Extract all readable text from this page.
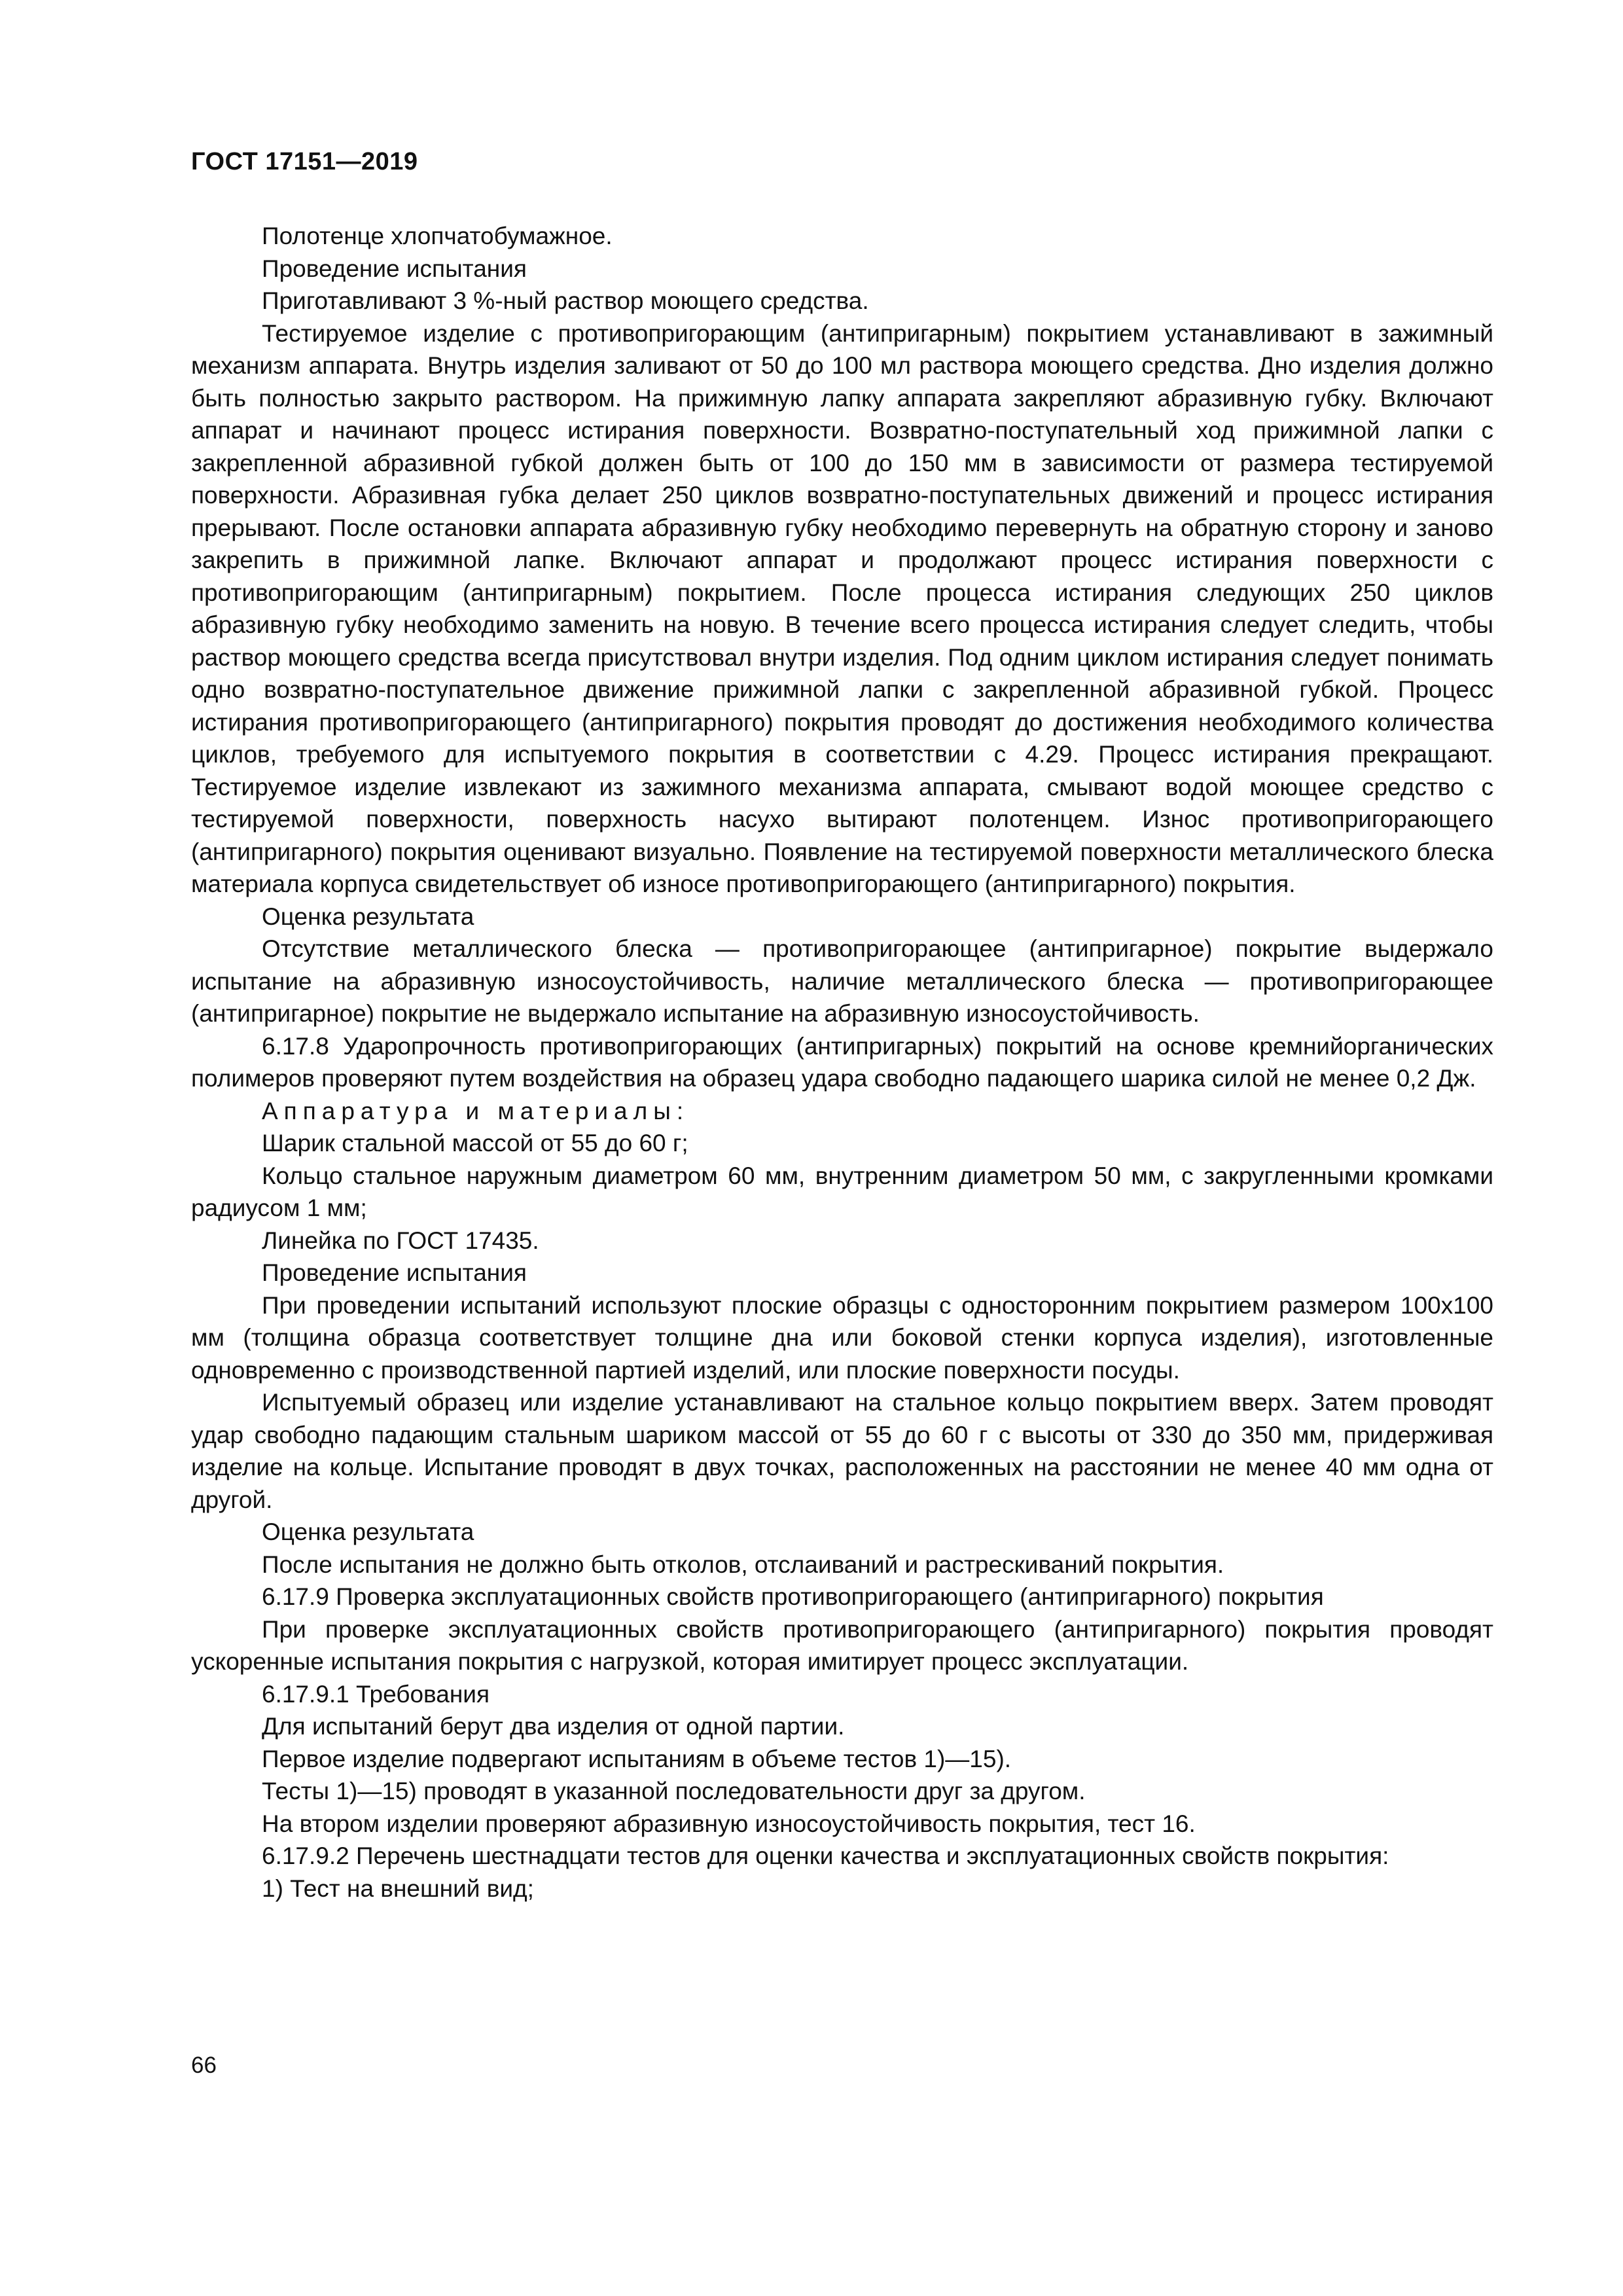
ГОСТ 17151—2019

Полотенце хлопчатобумажное.

Проведение испытания

Приготавливают 3 %-ный раствор моющего средства.

Тестируемое изделие с противопригорающим (антипригарным) покрытием устанавливают в зажимный механизм аппарата. Внутрь изделия заливают от 50 до 100 мл раствора моющего средства. Дно изделия должно быть полностью закрыто раствором. На прижимную лапку аппарата закрепляют абразивную губку. Включают аппарат и начинают процесс истирания поверхности. Возвратно-поступательный ход прижимной лапки с закрепленной абразивной губкой должен быть от 100 до 150 мм в зависимости от размера тестируемой поверхности. Абразивная губка делает 250 циклов возвратно-поступательных движений и процесс истирания прерывают. После остановки аппарата абразивную губку необходимо перевернуть на обратную сторону и заново закрепить в прижимной лапке. Включают аппарат и продолжают процесс истирания поверхности с противопригорающим (антипригарным) покрытием. После процесса истирания следующих 250 циклов абразивную губку необходимо заменить на новую. В течение всего процесса истирания следует следить, чтобы раствор моющего средства всегда присутствовал внутри изделия. Под одним циклом истирания следует понимать одно возвратно-поступательное движение прижимной лапки с закрепленной абразивной губкой. Процесс истирания противопригорающего (антипригарного) покрытия проводят до достижения необходимого количества циклов, требуемого для испытуемого покрытия в соответствии с 4.29. Процесс истирания прекращают. Тестируемое изделие извлекают из зажимного механизма аппарата, смывают водой моющее средство с тестируемой поверхности, поверхность насухо вытирают полотенцем. Износ противопригорающего (антипригарного) покрытия оценивают визуально. Появление на тестируемой поверхности металлического блеска материала корпуса свидетельствует об износе противопригорающего (антипригарного) покрытия.

Оценка результата

Отсутствие металлического блеска — противопригорающее (антипригарное) покрытие выдержало испытание на абразивную износоустойчивость, наличие металлического блеска — противопригорающее (антипригарное) покрытие не выдержало испытание на абразивную износоустойчивость.

6.17.8 Ударопрочность противопригорающих (антипригарных) покрытий на основе кремнийорганических полимеров проверяют путем воздействия на образец удара свободно падающего шарика силой не менее 0,2 Дж.

Аппаратура и материалы:

Шарик стальной массой от 55 до 60 г;

Кольцо стальное наружным диаметром 60 мм, внутренним диаметром 50 мм, с закругленными кромками радиусом 1 мм;

Линейка по ГОСТ 17435.

Проведение испытания

При проведении испытаний используют плоские образцы с односторонним покрытием размером 100x100 мм (толщина образца соответствует толщине дна или боковой стенки корпуса изделия), изготовленные одновременно с производственной партией изделий, или плоские поверхности посуды.

Испытуемый образец или изделие устанавливают на стальное кольцо покрытием вверх. Затем проводят удар свободно падающим стальным шариком массой от 55 до 60 г с высоты от 330 до 350 мм, придерживая изделие на кольце. Испытание проводят в двух точках, расположенных на расстоянии не менее 40 мм одна от другой.

Оценка результата

После испытания не должно быть отколов, отслаиваний и растрескиваний покрытия.

6.17.9 Проверка эксплуатационных свойств противопригорающего (антипригарного) покрытия

При проверке эксплуатационных свойств противопригорающего (антипригарного) покрытия проводят ускоренные испытания покрытия с нагрузкой, которая имитирует процесс эксплуатации.

6.17.9.1 Требования

Для испытаний берут два изделия от одной партии.

Первое изделие подвергают испытаниям в объеме тестов 1)—15).

Тесты 1)—15) проводят в указанной последовательности друг за другом.

На втором изделии проверяют абразивную износоустойчивость покрытия, тест 16.

6.17.9.2 Перечень шестнадцати тестов для оценки качества и эксплуатационных свойств покрытия:

1) Тест на внешний вид;

66
